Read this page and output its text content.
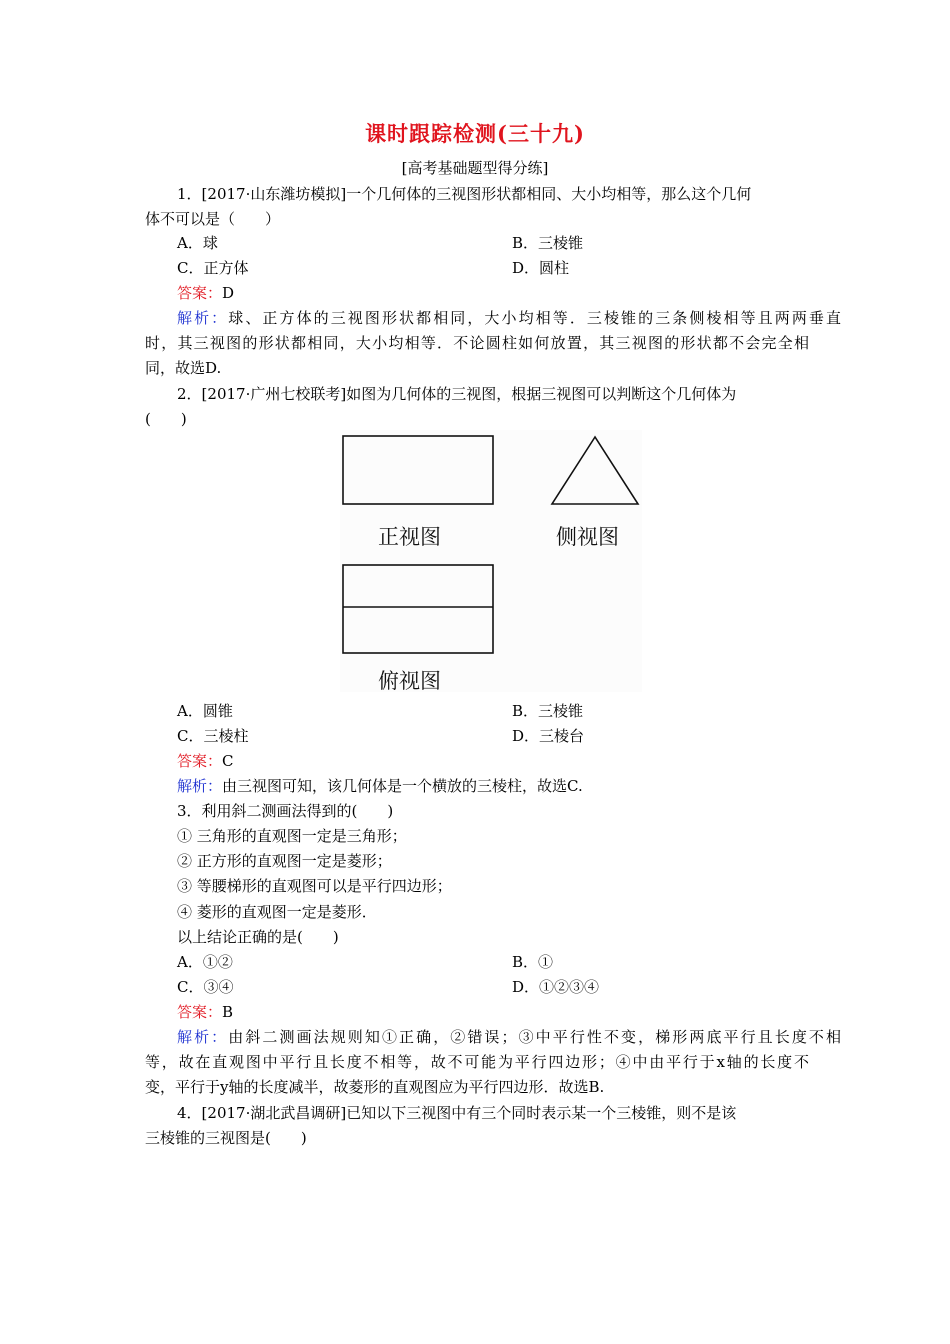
课时跟踪检测(三十九)
[高考基础题型得分练]
1．[2017·山东潍坊模拟]一个几何体的三视图形状都相同、大小均相等，那么这个几何
体不可以是（　　）
A．球	B．三棱锥
C．正方体	D．圆柱
答案：D
解析：球、正方体的三视图形状都相同，大小均相等．三棱锥的三条侧棱相等且两两垂直
时，其三视图的形状都相同，大小均相等．不论圆柱如何放置，其三视图的形状都不会完全相
同，故选D.
2．[2017·广州七校联考]如图为几何体的三视图，根据三视图可以判断这个几何体为
(　　)
正视图	侧视图
俯视图
A．圆锥	B．三棱锥
C．三棱柱	D．三棱台
答案：C
解析：由三视图可知，该几何体是一个横放的三棱柱，故选C.
3．利用斜二测画法得到的(　　)
① 三角形的直观图一定是三角形；
② 正方形的直观图一定是菱形；
③ 等腰梯形的直观图可以是平行四边形；
④ 菱形的直观图一定是菱形．
以上结论正确的是(　　)
A．①②	B．①
C．③④	D．①②③④
答案：B
解析：由斜二测画法规则知①正确，②错误；③中平行性不变，梯形两底平行且长度不相
等，故在直观图中平行且长度不相等，故不可能为平行四边形；④中由平行于x轴的长度不
变，平行于y轴的长度减半，故菱形的直观图应为平行四边形．故选B.
4．[2017·湖北武昌调研]已知以下三视图中有三个同时表示某一个三棱锥，则不是该
三棱锥的三视图是(　　)
